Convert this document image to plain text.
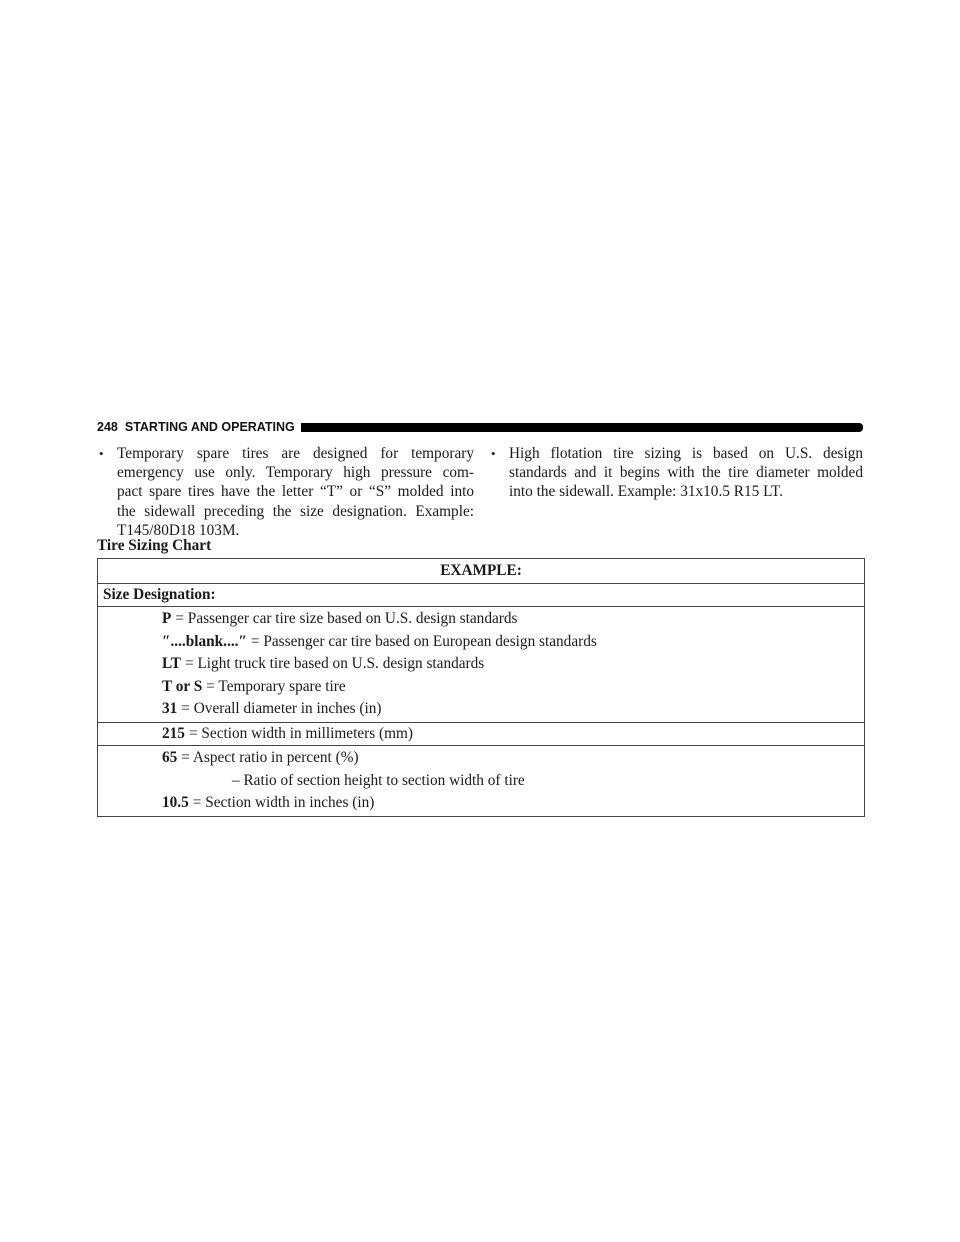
248 STARTING AND OPERATING
• Temporary spare tires are designed for temporary
emergency use only. Temporary high pressure com-
pact spare tires have the letter “T” or “S” molded into
the sidewall preceding the size designation. Example:
T145/80D18 103M.
• High flotation tire sizing is based on U.S. design
standards and it begins with the tire diameter molded
into the sidewall. Example: 31x10.5 R15 LT.
Tire Sizing Chart
EXAMPLE:
Size Designation:
P = Passenger car tire size based on U.S. design standards
″....blank....″ = Passenger car tire based on European design standards
LT = Light truck tire based on U.S. design standards
T or S = Temporary spare tire
31 = Overall diameter in inches (in)
215 = Section width in millimeters (mm)
65 = Aspect ratio in percent (%)
– Ratio of section height to section width of tire
10.5 = Section width in inches (in)
